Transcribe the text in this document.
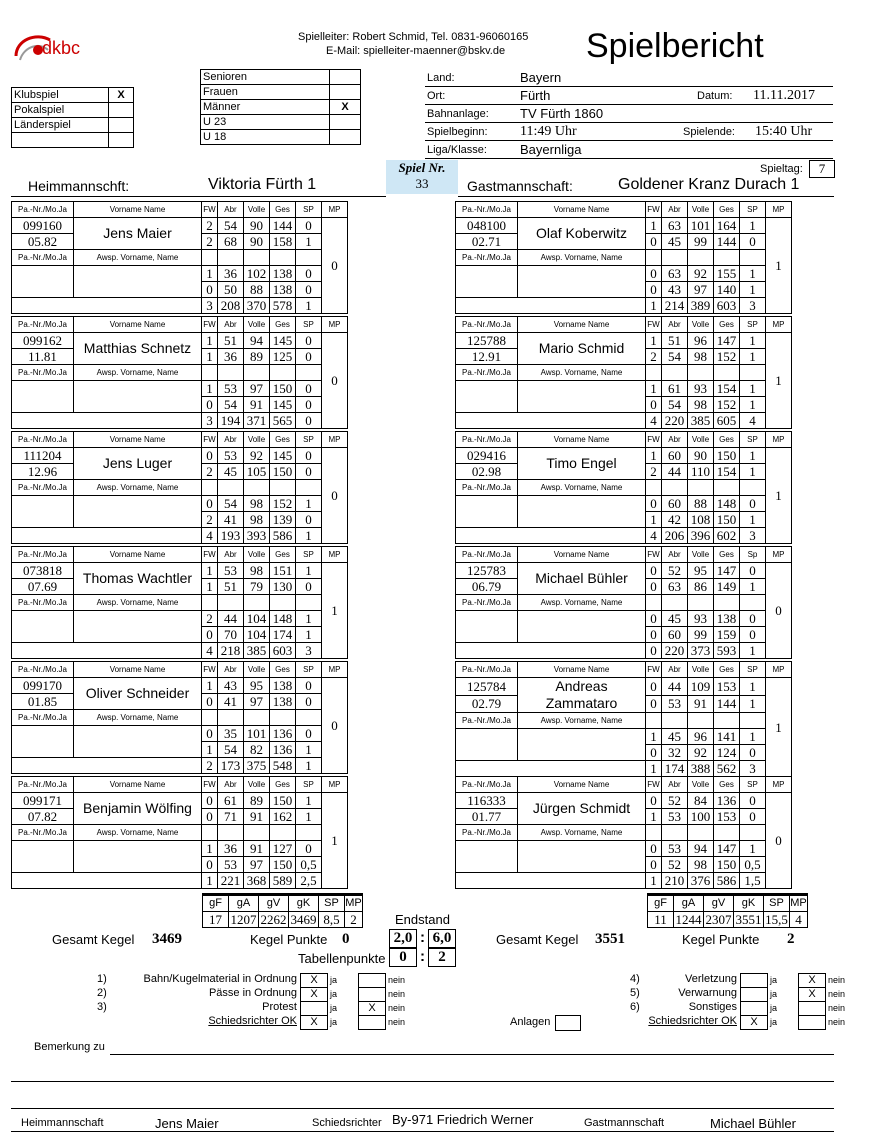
dkbc
Spielleiter: Robert Schmid, Tel. 0831-96060165
E-Mail: spielleiter-maenner@bskv.de Spielbericht
Klubspiel	X
Pokalspiel	
Länderspiel	

Senioren	
Frauen	
Männer	X
U 23	
U 18	
Land:	Bayern
Ort:	Fürth	Datum: 11.11.2017
Bahnanlage: TV Fürth 1860
Spielbeginn: 11:49 Uhr	Spielende: 15:40 Uhr
Liga/Klasse:	Bayernliga
Spiel Nr.
33
Spieltag:	7
Heimmannschft:	Viktoria Fürth 1	Gastmannschaft:	Goldener Kranz Durach 1
Pa.-Nr./Mo.Ja	Vorname Name	FW	Abr	Volle	Ges	SP	MP
099160	Jens Maier	2	54	90	144	0	0
05.82		2	68	90	158	1	
Pa.-Nr./Mo.Ja	Awsp. Vorname, Name						
		1	36	102	138	0	
		0	50	88	138	0	
		3	208	370	578	1	
Pa.-Nr./Mo.Ja	Vorname Name	FW	Abr	Volle	Ges	SP	MP
048100	Olaf Koberwitz	1	63	101	164	1	1
02.71		0	45	99	144	0	
Pa.-Nr./Mo.Ja	Awsp. Vorname, Name						
		0	63	92	155	1	
		0	43	97	140	1	
		1	214	389	603	3	
Pa.-Nr./Mo.Ja	Vorname Name	FW	Abr	Volle	Ges	SP	MP
099162	Matthias Schnetz	1	51	94	145	0	0
11.81		1	36	89	125	0	
Pa.-Nr./Mo.Ja	Awsp. Vorname, Name						
		1	53	97	150	0	
		0	54	91	145	0	
		3	194	371	565	0	
Pa.-Nr./Mo.Ja	Vorname Name	FW	Abr	Volle	Ges	SP	MP
125788	Mario Schmid	1	51	96	147	1	1
12.91		2	54	98	152	1	
Pa.-Nr./Mo.Ja	Awsp. Vorname, Name						
		1	61	93	154	1	
		0	54	98	152	1	
		4	220	385	605	4	
Pa.-Nr./Mo.Ja	Vorname Name	FW	Abr	Volle	Ges	SP	MP
111204	Jens Luger	0	53	92	145	0	0
12.96		2	45	105	150	0	
Pa.-Nr./Mo.Ja	Awsp. Vorname, Name						
		0	54	98	152	1	
		2	41	98	139	0	
		4	193	393	586	1	
Pa.-Nr./Mo.Ja	Vorname Name	FW	Abr	Volle	Ges	SP	MP
029416	Timo Engel	1	60	90	150	1	1
02.98		2	44	110	154	1	
Pa.-Nr./Mo.Ja	Awsp. Vorname, Name						
		0	60	88	148	0	
		1	42	108	150	1	
		4	206	396	602	3	
Pa.-Nr./Mo.Ja	Vorname Name	FW	Abr	Volle	Ges	SP	MP
073818	Thomas Wachtler	1	53	98	151	1	1
07.69		1	51	79	130	0	
Pa.-Nr./Mo.Ja	Awsp. Vorname, Name						
		2	44	104	148	1	
		0	70	104	174	1	
		4	218	385	603	3	
Pa.-Nr./Mo.Ja	Vorname Name	FW	Abr	Volle	Ges	Sp	MP
125783	Michael Bühler	0	52	95	147	0	0
06.79		0	63	86	149	1	
Pa.-Nr./Mo.Ja	Awsp. Vorname, Name						
		0	45	93	138	0	
		0	60	99	159	0	
		0	220	373	593	1	
Pa.-Nr./Mo.Ja	Vorname Name	FW	Abr	Volle	Ges	SP	MP
099170	Oliver Schneider	1	43	95	138	0	0
01.85		0	41	97	138	0	
Pa.-Nr./Mo.Ja	Awsp. Vorname, Name						
		0	35	101	136	0	
		1	54	82	136	1	
		2	173	375	548	1	
Pa.-Nr./Mo.Ja	Vorname Name	FW	Abr	Volle	Ges	SP	MP
125784	Andreas
Zammataro	0	44	109	153	1	1
02.79		0	53	91	144	1	
Pa.-Nr./Mo.Ja	Awsp. Vorname, Name						
		1	45	96	141	1	
		0	32	92	124	0	
		1	174	388	562	3	
Pa.-Nr./Mo.Ja	Vorname Name	FW	Abr	Volle	Ges	SP	MP
099171	Benjamin Wölfing	0	61	89	150	1	1
07.82		0	71	91	162	1	
Pa.-Nr./Mo.Ja	Awsp. Vorname, Name						
		1	36	91	127	0	
		0	53	97	150	0,5	
		1	221	368	589	2,5	
Pa.-Nr./Mo.Ja	Vorname Name	FW	Abr	Volle	Ges	SP	MP
116333	Jürgen Schmidt	0	52	84	136	0	0
01.77		1	53	100	153	0	
Pa.-Nr./Mo.Ja	Awsp. Vorname, Name						
		0	53	94	147	1	
		0	52	98	150	0,5	
		1	210	376	586	1,5	
gF	gA	gV	gK	SP	MP
17	1207	2262	3469	8,5	2
gF	gA	gV	gK	SP	MP
11	1244	2307	3551	15,5	4
Endstand
Gesamt Kegel 3469	Kegel Punkte 0	2,0 : 6,0	Gesamt Kegel 3551	Kegel Punkte 2
Tabellenpunkte 0 : 2
1)	Bahn/Kugelmaterial in Ordnung	X	ja	nein
2)	Pässe in Ordnung	X	ja	nein
3)	Protest	ja	X	nein
Schiedsrichter OK	X	ja	nein
4)	Verletzung	ja	X	nein
5)	Verwarnung	ja	X	nein
6)	Sonstiges	ja	nein
Schiedsrichter OK	X	ja	nein
Anlagen
Bemerkung zu
Heimmannschaft	Jens Maier	Schiedsrichter By-971 Friedrich Werner	Gastmannschaft	Michael Bühler
